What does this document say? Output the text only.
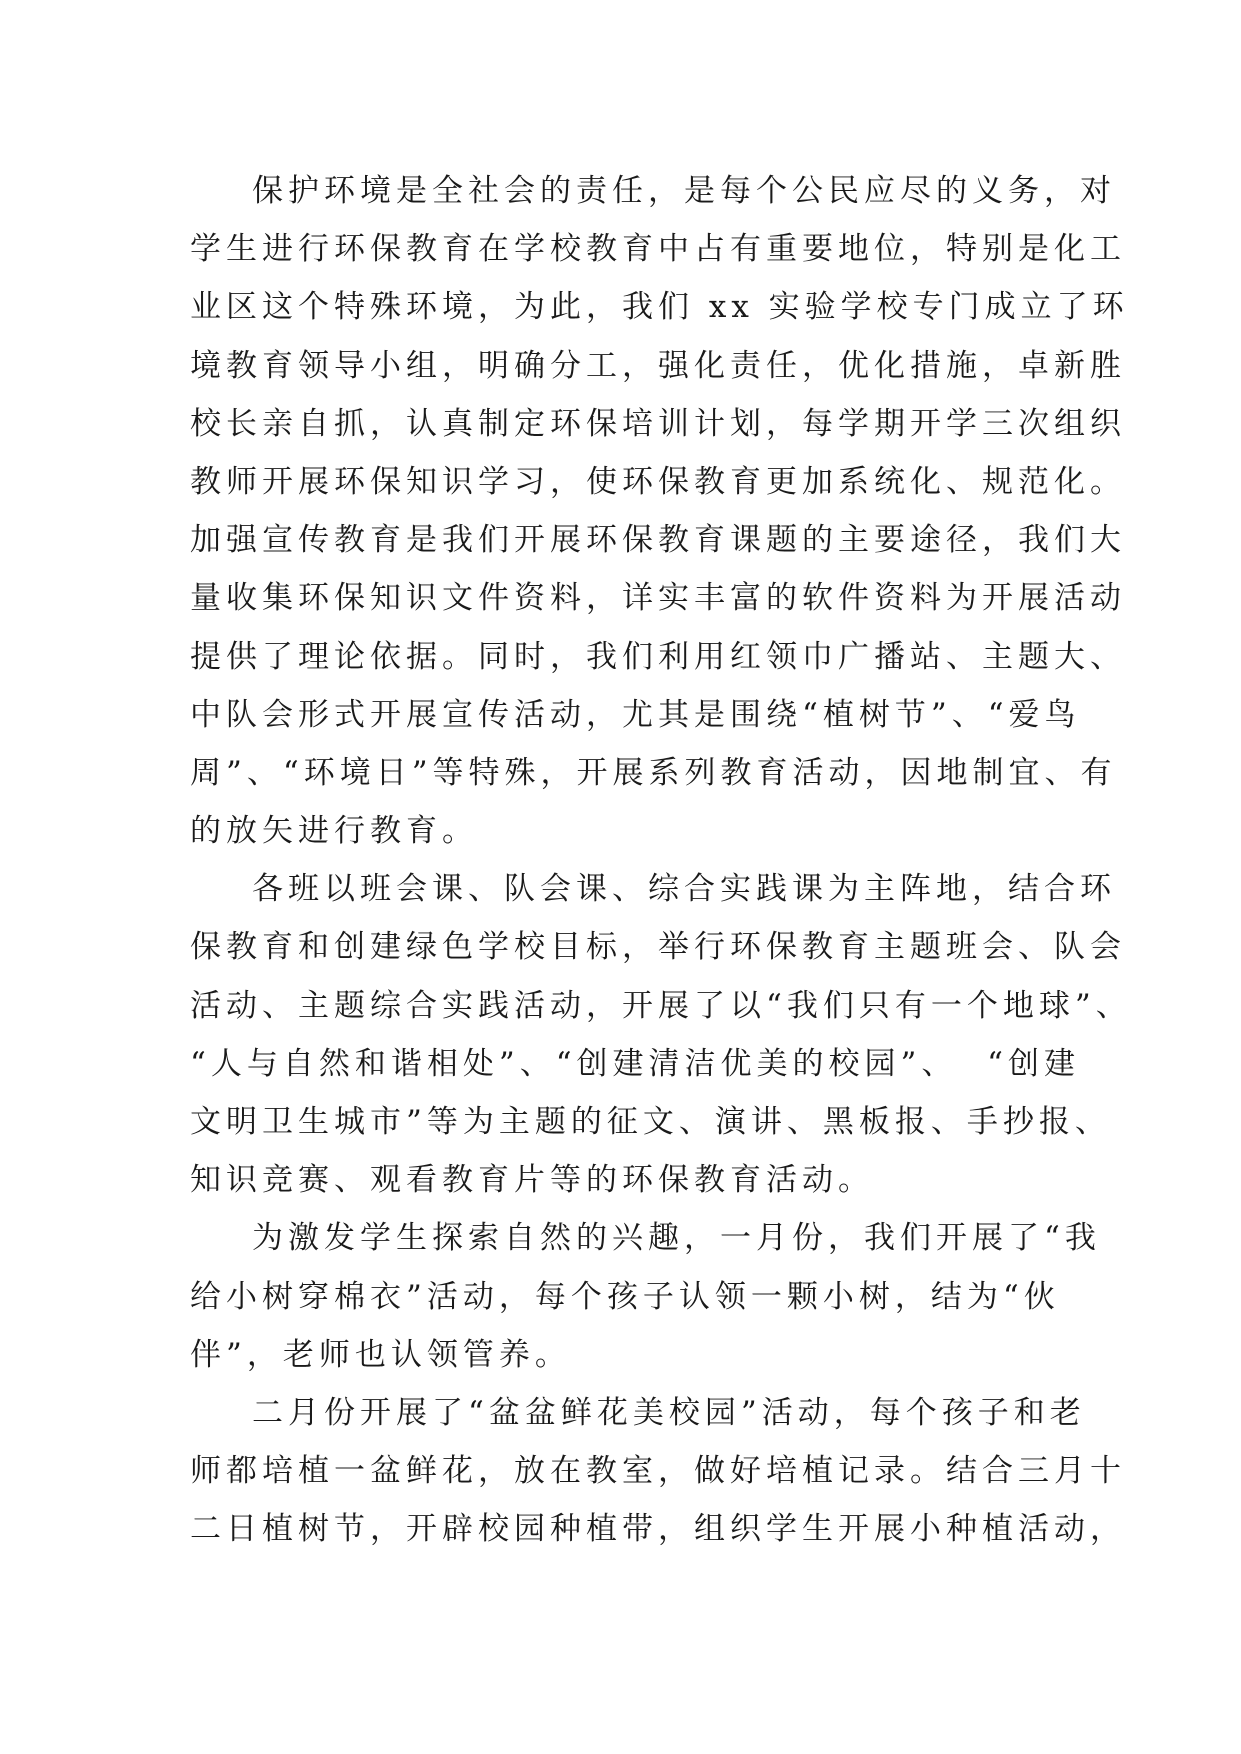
保护环境是全社会的责任，是每个公民应尽的义务，对
学生进行环保教育在学校教育中占有重要地位，特别是化工
业区这个特殊环境，为此，我们 xx 实验学校专门成立了环
境教育领导小组，明确分工，强化责任，优化措施，卓新胜
校长亲自抓，认真制定环保培训计划，每学期开学三次组织
教师开展环保知识学习，使环保教育更加系统化、规范化。
加强宣传教育是我们开展环保教育课题的主要途径，我们大
量收集环保知识文件资料，详实丰富的软件资料为开展活动
提供了理论依据。同时，我们利用红领巾广播站、主题大、
中队会形式开展宣传活动，尤其是围绕“植树节”、“爱鸟
周”、“环境日”等特殊，开展系列教育活动，因地制宜、有
的放矢进行教育。
各班以班会课、队会课、综合实践课为主阵地，结合环
保教育和创建绿色学校目标，举行环保教育主题班会、队会
活动、主题综合实践活动，开展了以“我们只有一个地球”、
“人与自然和谐相处”、“创建清洁优美的校园”、  “创建
文明卫生城市”等为主题的征文、演讲、黑板报、手抄报、
知识竞赛、观看教育片等的环保教育活动。
为激发学生探索自然的兴趣，一月份，我们开展了“我
给小树穿棉衣”活动，每个孩子认领一颗小树，结为“伙
伴”，老师也认领管养。
二月份开展了“盆盆鲜花美校园”活动，每个孩子和老
师都培植一盆鲜花，放在教室，做好培植记录。结合三月十
二日植树节，开辟校园种植带，组织学生开展小种植活动，
